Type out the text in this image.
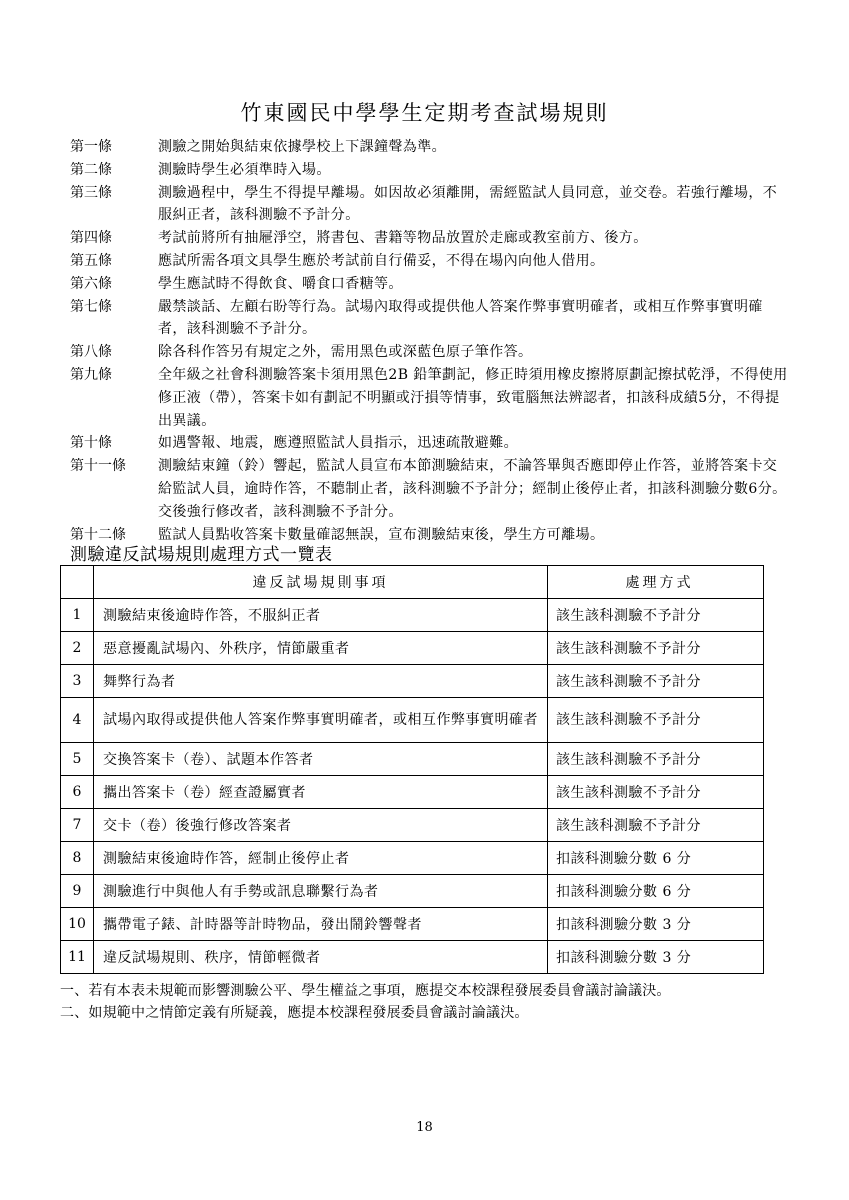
竹東國民中學學生定期考查試場規則
第一條	測驗之開始與結束依據學校上下課鐘聲為準。
第二條	測驗時學生必須準時入場。
第三條	測驗過程中，學生不得提早離場。如因故必須離開，需經監試人員同意，並交卷。若強行離場，不服糾正者，該科測驗不予計分。
第四條	考試前將所有抽屜淨空，將書包、書籍等物品放置於走廊或教室前方、後方。
第五條	應試所需各項文具學生應於考試前自行備妥，不得在場內向他人借用。
第六條	學生應試時不得飲食、嚼食口香糖等。
第七條	嚴禁談話、左顧右盼等行為。試場內取得或提供他人答案作弊事實明確者，或相互作弊事實明確者，該科測驗不予計分。
第八條	除各科作答另有規定之外，需用黑色或深藍色原子筆作答。
第九條	全年級之社會科測驗答案卡須用黑色2B 鉛筆劃記，修正時須用橡皮擦將原劃記擦拭乾淨，不得使用修正液（帶），答案卡如有劃記不明顯或汙損等情事，致電腦無法辨認者，扣該科成績5分，不得提出異議。
第十條	如遇警報、地震，應遵照監試人員指示，迅速疏散避難。
第十一條	測驗結束鐘（鈴）響起，監試人員宣布本節測驗結束，不論答畢與否應即停止作答，並將答案卡交給監試人員，逾時作答，不聽制止者，該科測驗不予計分；經制止後停止者，扣該科測驗分數6分。交後強行修改者，該科測驗不予計分。
第十二條	監試人員點收答案卡數量確認無誤，宣布測驗結束後，學生方可離場。
測驗違反試場規則處理方式一覽表
	違反試場規則事項	處理方式
1	測驗結束後逾時作答，不服糾正者	該生該科測驗不予計分
2	惡意擾亂試場內、外秩序，情節嚴重者	該生該科測驗不予計分
3	舞弊行為者	該生該科測驗不予計分
4	試場內取得或提供他人答案作弊事實明確者，或相互作弊事實明確者	該生該科測驗不予計分
5	交換答案卡（卷）、試題本作答者	該生該科測驗不予計分
6	攜出答案卡（卷）經查證屬實者	該生該科測驗不予計分
7	交卡（卷）後強行修改答案者	該生該科測驗不予計分
8	測驗結束後逾時作答，經制止後停止者	扣該科測驗分數 6 分
9	測驗進行中與他人有手勢或訊息聯繫行為者	扣該科測驗分數 6 分
10	攜帶電子錶、計時器等計時物品，發出鬧鈴響聲者	扣該科測驗分數 3 分
11	違反試場規則、秩序，情節輕微者	扣該科測驗分數 3 分
一、若有本表未規範而影響測驗公平、學生權益之事項，應提交本校課程發展委員會議討論議決。
二、如規範中之情節定義有所疑義，應提本校課程發展委員會議討論議決。
18
